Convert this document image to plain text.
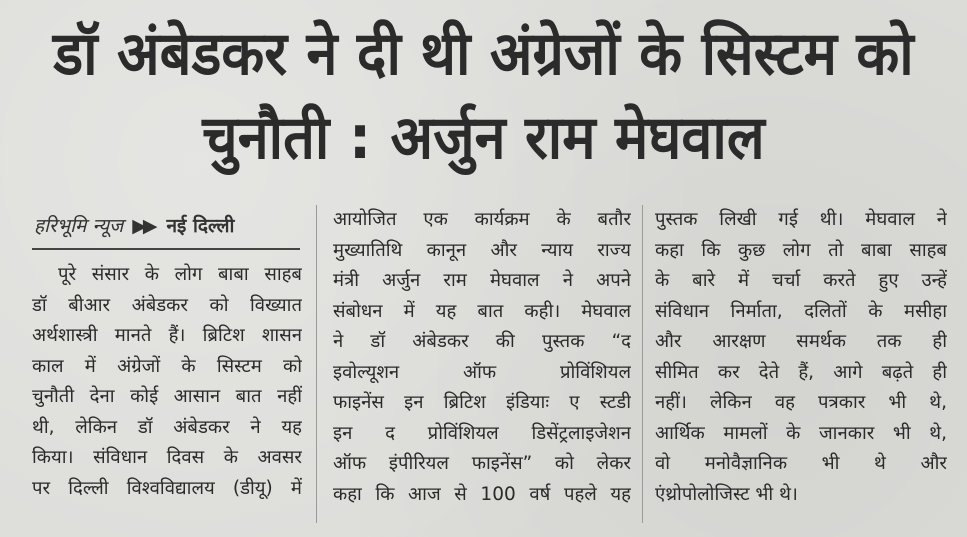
डॉ अंबेडकर ने दी थी अंग्रेजों के सिस्टम को
चुनौती : अर्जुन राम मेघवाल
हरिभूमि न्यूज ▶▶ नई दिल्ली
पूरे संसार के लोग बाबा साहब
डॉ बीआर अंबेडकर को विख्यात
अर्थशास्त्री मानते हैं। ब्रिटिश शासन
काल में अंग्रेजों के सिस्टम को
चुनौती देना कोई आसान बात नहीं
थी, लेकिन डॉ अंबेडकर ने यह
किया। संविधान दिवस के अवसर
पर दिल्ली विश्वविद्यालय (डीयू) में
आयोजित एक कार्यक्रम के बतौर
मुख्यातिथि कानून और न्याय राज्य
मंत्री अर्जुन राम मेघवाल ने अपने
संबोधन में यह बात कही। मेघवाल
ने डॉ अंबेडकर की पुस्तक “द
इवोल्यूशन ऑफ प्रोविंशियल
फाइनेंस इन ब्रिटिश इंडियाः ए स्टडी
इन द प्रोविंशियल डिसेंट्रलाइजेशन
ऑफ इंपीरियल फाइनेंस” को लेकर
कहा कि आज से 100 वर्ष पहले यह
पुस्तक लिखी गई थी। मेघवाल ने
कहा कि कुछ लोग तो बाबा साहब
के बारे में चर्चा करते हुए उन्हें
संविधान निर्माता, दलितों के मसीहा
और आरक्षण समर्थक तक ही
सीमित कर देते हैं, आगे बढ़ते ही
नहीं। लेकिन वह पत्रकार भी थे,
आर्थिक मामलों के जानकार भी थे,
वो मनोवैज्ञानिक भी थे और
एंथ्रोपोलोजिस्ट भी थे।
